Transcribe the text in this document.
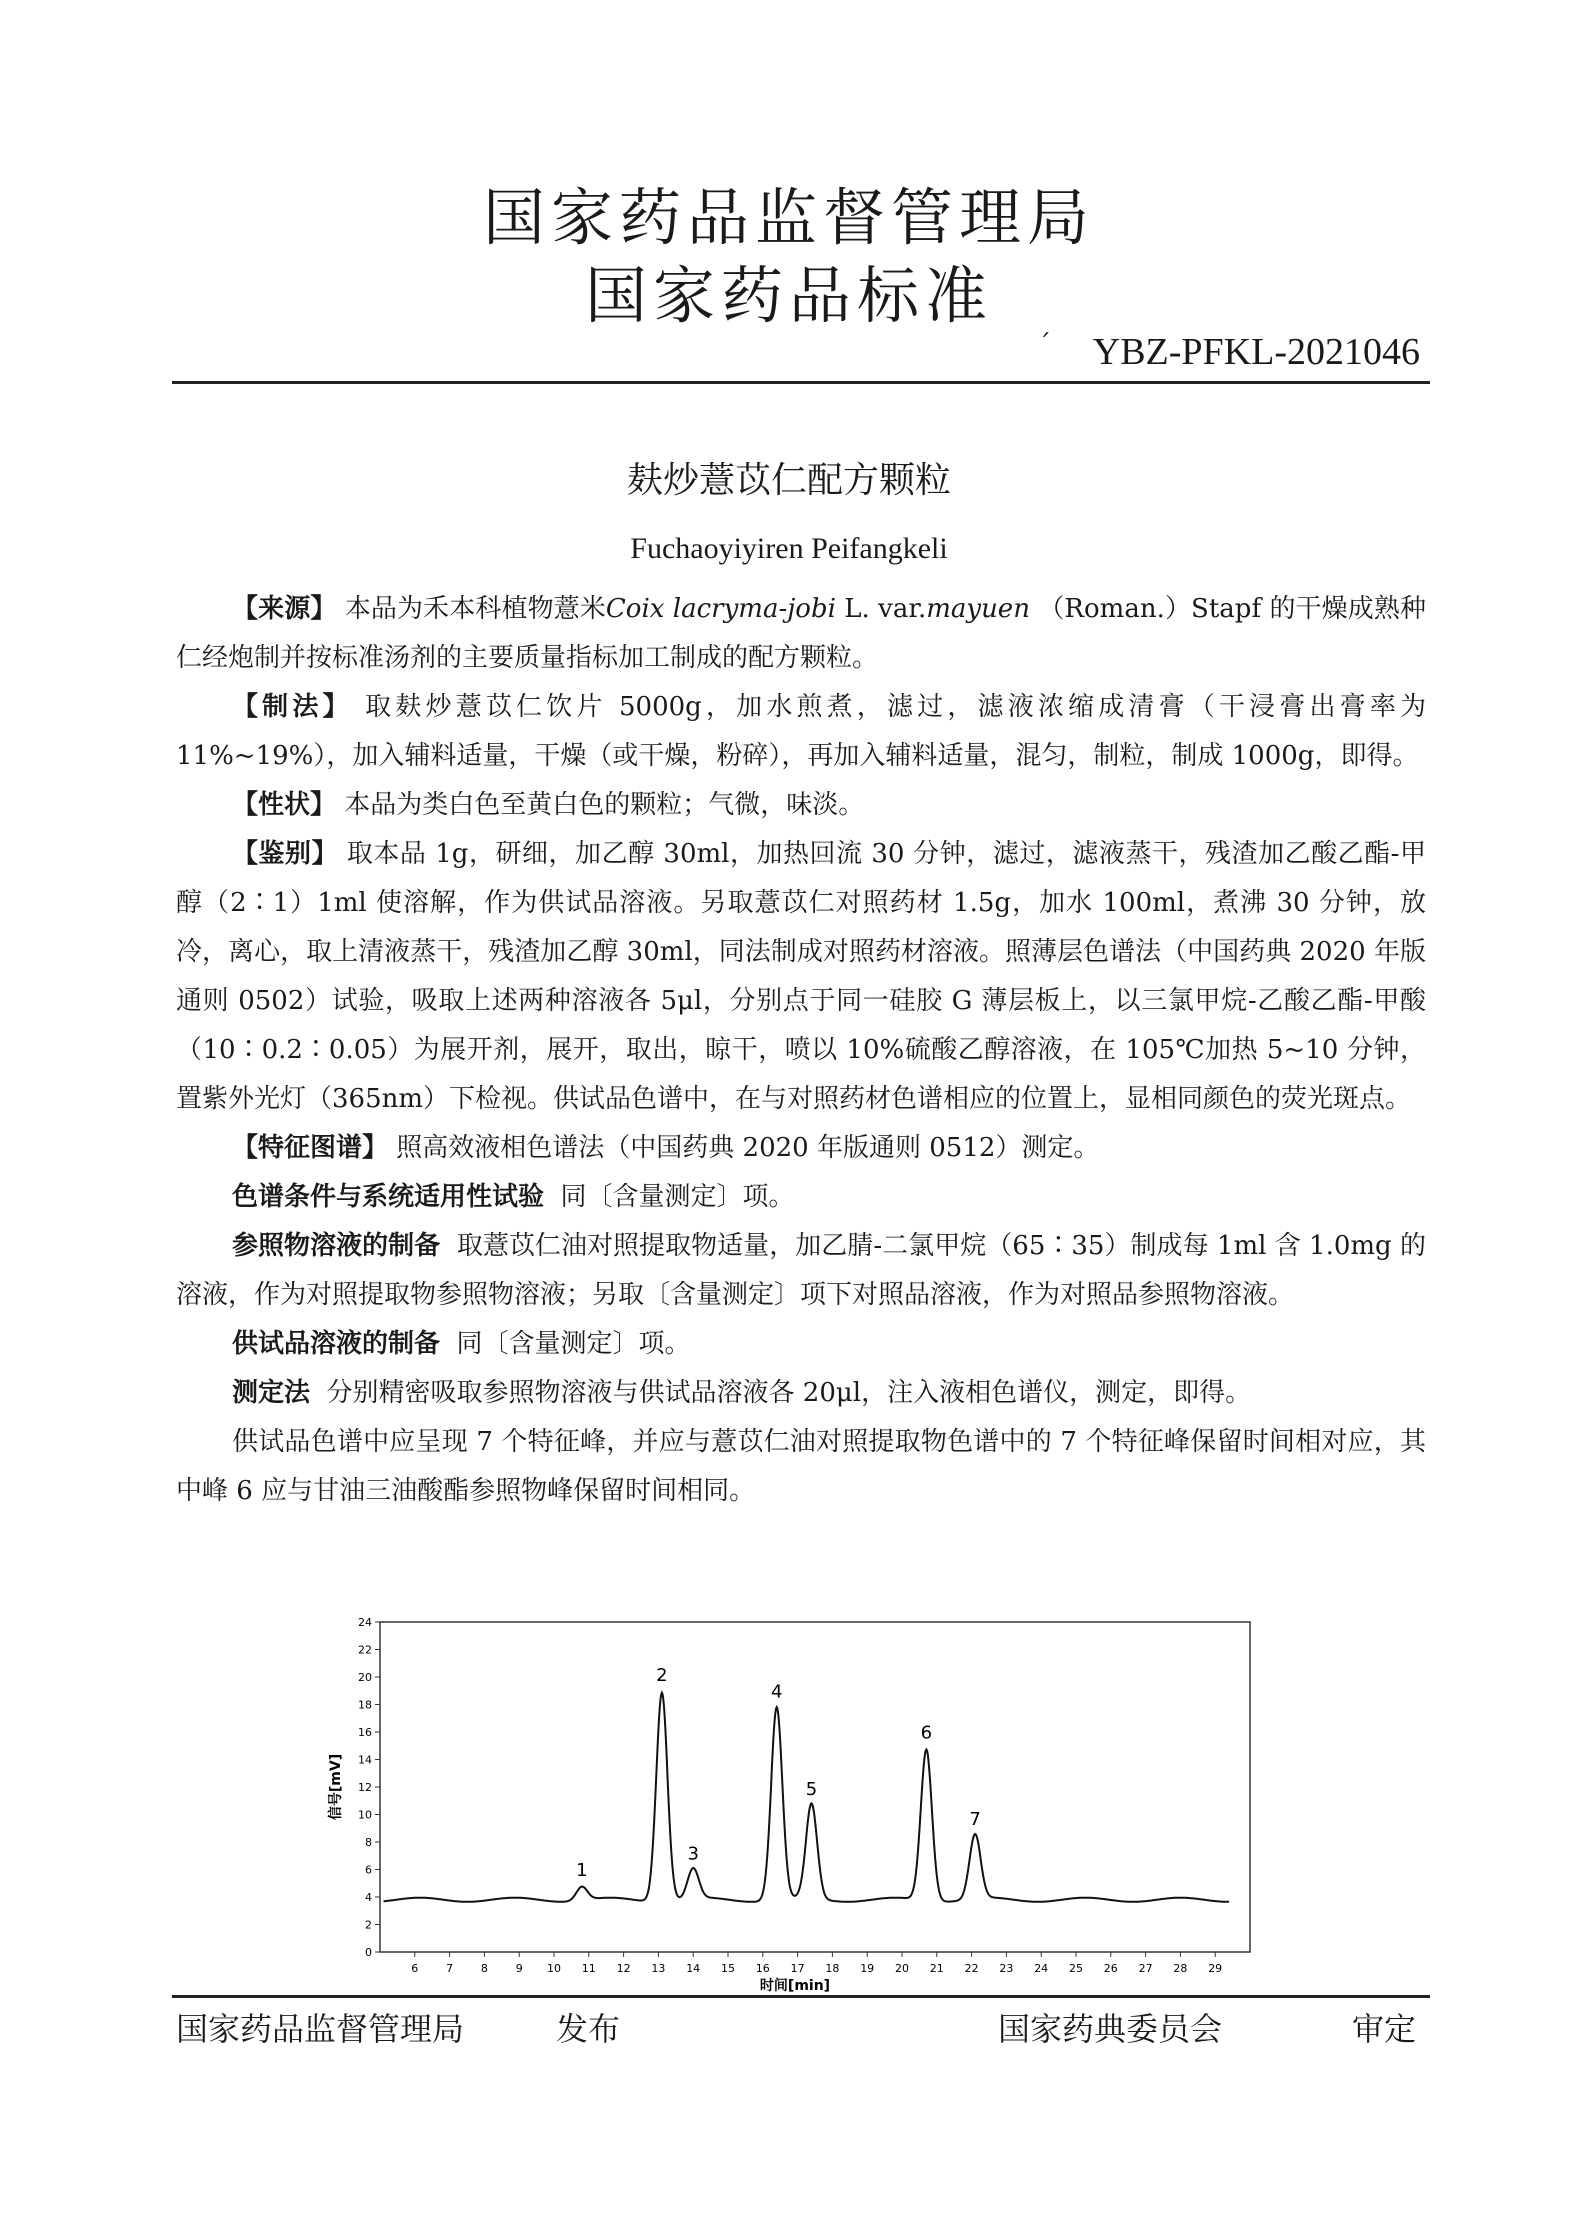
国家药品监督管理局
国家药品标准
ˊ YBZ-PFKL-2021046
麸炒薏苡仁配方颗粒
Fuchaoyiyiren Peifangkeli

【来源】 本品为禾本科植物薏米Coix lacryma-jobi L. var.mayuen （Roman.）Stapf 的干燥成熟种仁经炮制并按标准汤剂的主要质量指标加工制成的配方颗粒。

【制法】 取麸炒薏苡仁饮片 5000g，加水煎煮，滤过，滤液浓缩成清膏（干浸膏出膏率为11%~19%），加入辅料适量，干燥（或干燥，粉碎），再加入辅料适量，混匀，制粒，制成 1000g，即得。

【性状】 本品为类白色至黄白色的颗粒；气微，味淡。

【鉴别】 取本品 1g，研细，加乙醇 30ml，加热回流 30 分钟，滤过，滤液蒸干，残渣加乙酸乙酯-甲醇（2∶1）1ml 使溶解，作为供试品溶液。另取薏苡仁对照药材 1.5g，加水 100ml，煮沸 30 分钟，放冷，离心，取上清液蒸干，残渣加乙醇 30ml，同法制成对照药材溶液。照薄层色谱法（中国药典 2020 年版通则 0502）试验，吸取上述两种溶液各 5μl，分别点于同一硅胶 G 薄层板上，以三氯甲烷-乙酸乙酯-甲酸（10∶0.2∶0.05）为展开剂，展开，取出，晾干，喷以 10%硫酸乙醇溶液，在 105℃加热 5~10 分钟，置紫外光灯（365nm）下检视。供试品色谱中，在与对照药材色谱相应的位置上，显相同颜色的荧光斑点。

【特征图谱】 照高效液相色谱法（中国药典 2020 年版通则 0512）测定。

色谱条件与系统适用性试验 同〔含量测定〕项。

参照物溶液的制备 取薏苡仁油对照提取物适量，加乙腈-二氯甲烷（65∶35）制成每 1ml 含 1.0mg 的溶液，作为对照提取物参照物溶液；另取〔含量测定〕项下对照品溶液，作为对照品参照物溶液。

供试品溶液的制备 同〔含量测定〕项。

测定法 分别精密吸取参照物溶液与供试品溶液各 20μl，注入液相色谱仪，测定，即得。

供试品色谱中应呈现 7 个特征峰，并应与薏苡仁油对照提取物色谱中的 7 个特征峰保留时间相对应，其中峰 6 应与甘油三油酸酯参照物峰保留时间相同。

0
2
4
6
8
10
12
14
16
18
20
22
24
6	7	8	9 10 11 12 13 14 15 16 17 18 19 20 21 22 23 24 25 26 27 28 29
1
2
3
4
5
6
7
时间[min]
信号[mV]
国家药品监督管理局	发布	国家药典委员会	审定
